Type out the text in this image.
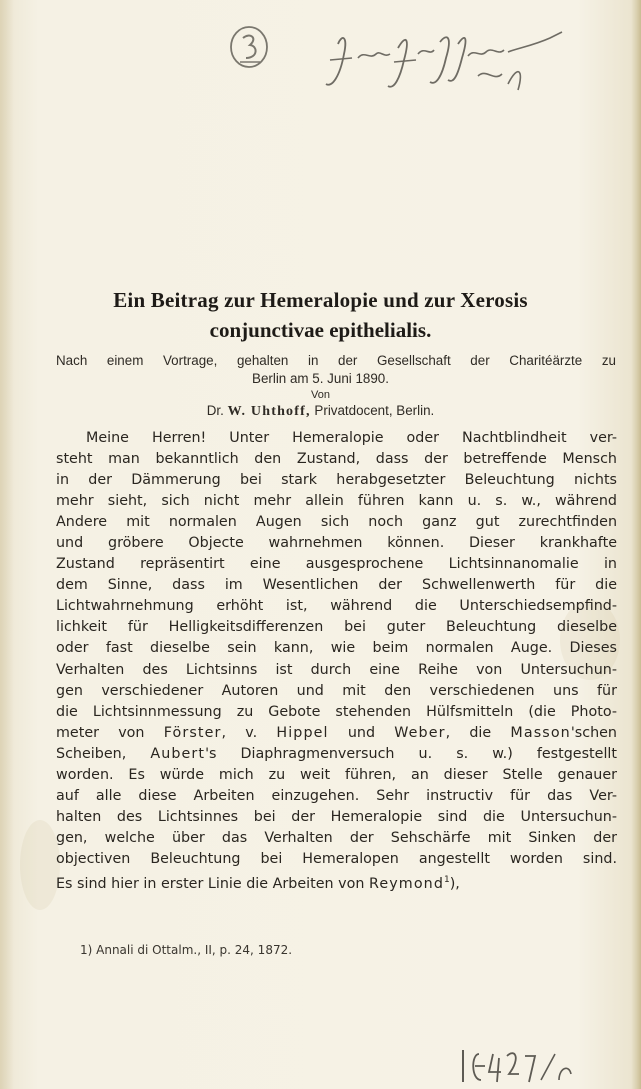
Ein Beitrag zur Hemeralopie und zur Xerosis
conjunctivae epithelialis.
Nach einem Vortrage, gehalten in der Gesellschaft der Charitéärzte zu
Berlin am 5. Juni 1890.
Von
Dr. W. Uhthoff, Privatdocent, Berlin.
Meine Herren! Unter Hemeralopie oder Nachtblindheit ver-
steht man bekanntlich den Zustand, dass der betreffende Mensch
in der Dämmerung bei stark herabgesetzter Beleuchtung nichts
mehr sieht, sich nicht mehr allein führen kann u. s. w., während
Andere mit normalen Augen sich noch ganz gut zurechtfinden
und gröbere Objecte wahrnehmen können. Dieser krankhafte
Zustand repräsentirt eine ausgesprochene Lichtsinnanomalie in
dem Sinne, dass im Wesentlichen der Schwellenwerth für die
Lichtwahrnehmung erhöht ist, während die Unterschiedsempfind-
lichkeit für Helligkeitsdifferenzen bei guter Beleuchtung dieselbe
oder fast dieselbe sein kann, wie beim normalen Auge. Dieses
Verhalten des Lichtsinns ist durch eine Reihe von Untersuchun-
gen verschiedener Autoren und mit den verschiedenen uns für
die Lichtsinnmessung zu Gebote stehenden Hülfsmitteln (die Photo-
meter von Förster, v. Hippel und Weber, die Masson'schen
Scheiben, Aubert's Diaphragmenversuch u. s. w.) festgestellt
worden. Es würde mich zu weit führen, an dieser Stelle genauer
auf alle diese Arbeiten einzugehen. Sehr instructiv für das Ver-
halten des Lichtsinnes bei der Hemeralopie sind die Untersuchun-
gen, welche über das Verhalten der Sehschärfe mit Sinken der
objectiven Beleuchtung bei Hemeralopen angestellt worden sind.
Es sind hier in erster Linie die Arbeiten von Reymond$^1$),
1) Annali di Ottalm., II, p. 24, 1872.
